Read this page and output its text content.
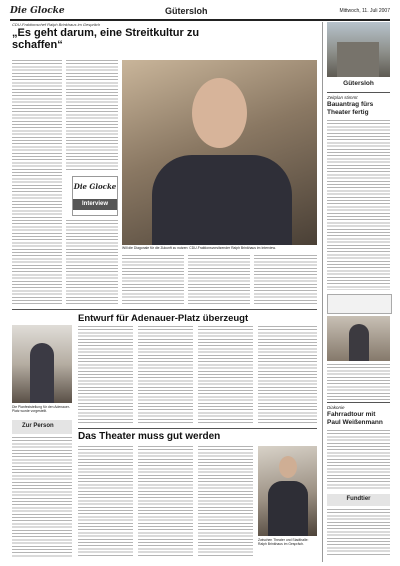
Die Glocke	Gütersloh	Mittwoch, 11. Juli 2007
CDU-Fraktionschef Ralph Brinkhaus im Gespräch
„Es geht darum, eine Streitkultur zu schaffen“
Die Glocke
Interview
Will die Diagonale für die Zukunft zu nutzen: CDU-Fraktionsvorsitzender Ralph Brinkhaus im Interview.
Entwurf für Adenauer-Platz überzeugt
Die Planfeststellung für den Adenauer-Platz wurde vorgestellt.
Zur Person
Das Theater muss gut werden
Zwischen Theater und Stadthalle: Ralph Brinkhaus im Gespräch.
Gütersloh
Zeitplan stimmt
Bauantrag fürs Theater fertig
Diakonie
Fahrradtour mit Paul Weißenmann
Fundtier
